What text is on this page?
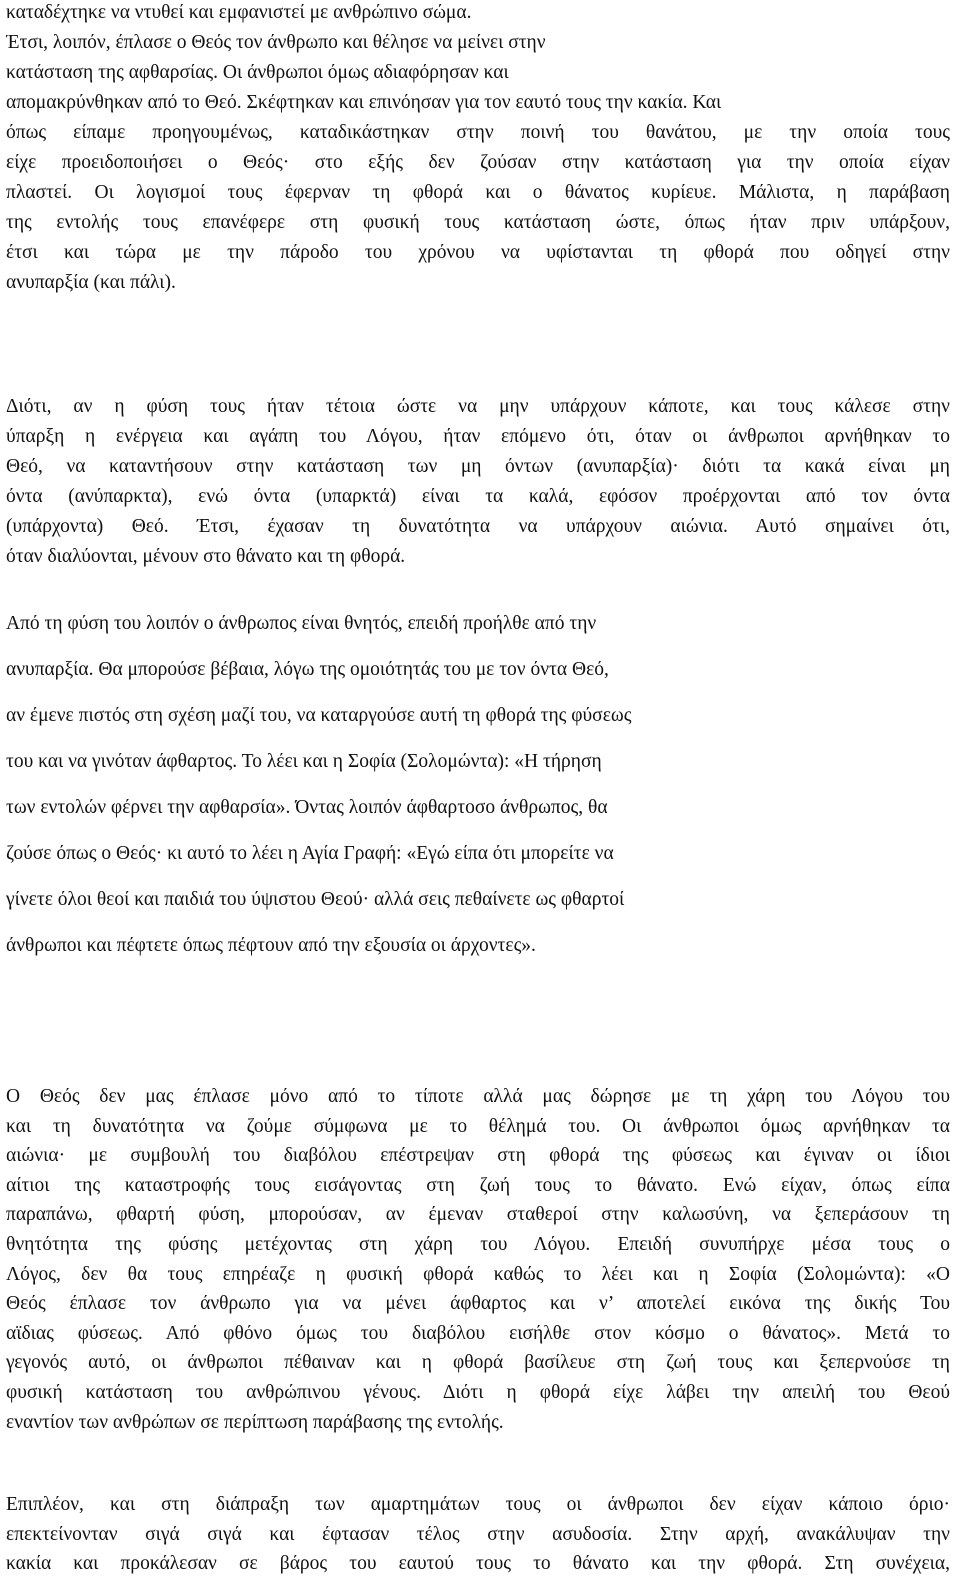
καταδέχτηκε να ντυθεί και εμφανιστεί με ανθρώπινο σώμα.
Έτσι, λοιπόν, έπλασε ο Θεός τον άνθρωπο και θέλησε να μείνει στην
κατάσταση της αφθαρσίας. Οι άνθρωποι όμως αδιαφόρησαν και
απομακρύνθηκαν από το Θεό. Σκέφτηκαν και επινόησαν για τον εαυτό τους την κακία. Και
όπως είπαμε προηγουμένως, καταδικάστηκαν στην ποινή του θανάτου, με την οποία τους
είχε προειδοποιήσει ο Θεός· στο εξής δεν ζούσαν στην κατάσταση για την οποία είχαν
πλαστεί. Οι λογισμοί τους έφερναν τη φθορά και ο θάνατος κυρίευε. Μάλιστα, η παράβαση
της εντολής τους επανέφερε στη φυσική τους κατάσταση ώστε, όπως ήταν πριν υπάρξουν,
έτσι και τώρα με την πάροδο του χρόνου να υφίστανται τη φθορά που οδηγεί στην
ανυπαρξία (και πάλι).
Διότι, αν η φύση τους ήταν τέτοια ώστε να μην υπάρχουν κάποτε, και τους κάλεσε στην
ύπαρξη η ενέργεια και αγάπη του Λόγου, ήταν επόμενο ότι, όταν οι άνθρωποι αρνήθηκαν το
Θεό, να καταντήσουν στην κατάσταση των μη όντων (ανυπαρξία)· διότι τα κακά είναι μη
όντα (ανύπαρκτα), ενώ όντα (υπαρκτά) είναι τα καλά, εφόσον προέρχονται από τον όντα
(υπάρχοντα) Θεό. Έτσι, έχασαν τη δυνατότητα να υπάρχουν αιώνια. Αυτό σημαίνει ότι,
όταν διαλύονται, μένουν στο θάνατο και τη φθορά.
Από τη φύση του λοιπόν ο άνθρωπος είναι θνητός, επειδή προήλθε από την
ανυπαρξία. Θα μπορούσε βέβαια, λόγω της ομοιότητάς του με τον όντα Θεό,
αν έμενε πιστός στη σχέση μαζί του, να καταργούσε αυτή τη φθορά της φύσεως
του και να γινόταν άφθαρτος. Το λέει και η Σοφία (Σολομώντα): «Η τήρηση
των εντολών φέρνει την αφθαρσία». Όντας λοιπόν άφθαρτοσο άνθρωπος, θα
ζούσε όπως ο Θεός· κι αυτό το λέει η Αγία Γραφή: «Εγώ είπα ότι μπορείτε να
γίνετε όλοι θεοί και παιδιά του ύψιστου Θεού· αλλά σεις πεθαίνετε ως φθαρτοί
άνθρωποι και πέφτετε όπως πέφτουν από την εξουσία οι άρχοντες».
Ο Θεός δεν μας έπλασε μόνο από το τίποτε αλλά μας δώρησε με τη χάρη του Λόγου του
και τη δυνατότητα να ζούμε σύμφωνα με το θέλημά του. Οι άνθρωποι όμως αρνήθηκαν τα
αιώνια· με συμβουλή του διαβόλου επέστρεψαν στη φθορά της φύσεως και έγιναν οι ίδιοι
αίτιοι της καταστροφής τους εισάγοντας στη ζωή τους το θάνατο. Ενώ είχαν, όπως είπα
παραπάνω, φθαρτή φύση, μπορούσαν, αν έμεναν σταθεροί στην καλωσύνη, να ξεπεράσουν τη
θνητότητα της φύσης μετέχοντας στη χάρη του Λόγου. Επειδή συνυπήρχε μέσα τους ο
Λόγος, δεν θα τους επηρέαζε η φυσική φθορά καθώς το λέει και η Σοφία (Σολομώντα): «Ο
Θεός έπλασε τον άνθρωπο για να μένει άφθαρτος και ν’ αποτελεί εικόνα της δικής Του
αϊδιας φύσεως. Από φθόνο όμως του διαβόλου εισήλθε στον κόσμο ο θάνατος». Μετά το
γεγονός αυτό, οι άνθρωποι πέθαιναν και η φθορά βασίλευε στη ζωή τους και ξεπερνούσε τη
φυσική κατάσταση του ανθρώπινου γένους. Διότι η φθορά είχε λάβει την απειλή του Θεού
εναντίον των ανθρώπων σε περίπτωση παράβασης της εντολής.
Επιπλέον, και στη διάπραξη των αμαρτημάτων τους οι άνθρωποι δεν είχαν κάποιο όριο·
επεκτείνονταν σιγά σιγά και έφτασαν τέλος στην ασυδοσία. Στην αρχή, ανακάλυψαν την
κακία και προκάλεσαν σε βάρος του εαυτού τους το θάνατο και την φθορά. Στη συνέχεια,
